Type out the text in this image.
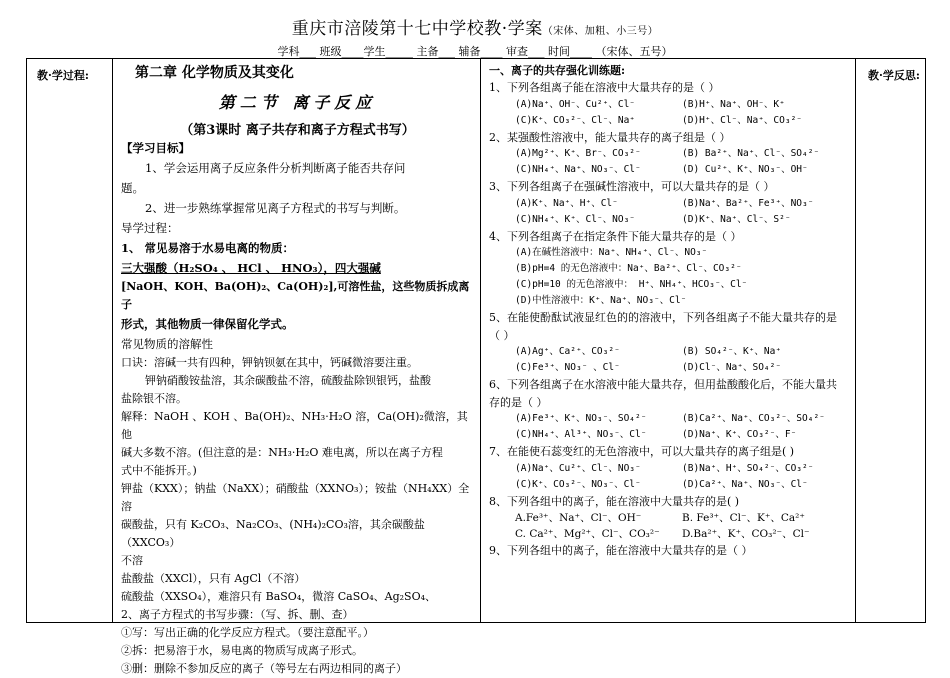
重庆市涪陵第十七中学校教·学案（宋体、加粗、小三号）
学科___ 班级____学生_____ 主备___ 辅备____ 审查___ 时间____ （宋体、五号）
教·学过程:	第二章 化学物质及其变化
第二节 离子反应
（第3课时 离子共存和离子方程式书写）
【学习目标】
1、学会运用离子反应条件分析判断离子能否共存问
题。
2、进一步熟练掌握常见离子方程式的书写与判断。
导学过程：
1、 常见易溶于水易电离的物质：
三大强酸（H₂SO₄ 、 HCl 、 HNO₃），四大强碱
[NaOH、KOH、Ba(OH)₂、Ca(OH)₂],可溶性盐，这些物质拆成离子
形式，其他物质一律保留化学式。
常见物质的溶解性
口诀：溶碱一共有四种，钾钠钡氨在其中，钙碱微溶要注重。
钾钠硝酸铵盐溶，其余碳酸盐不溶，硫酸盐除钡银钙，盐酸
盐除银不溶。
解释：NaOH 、KOH 、Ba(OH)₂、NH₃·H₂O 溶，Ca(OH)₂微溶，其他
碱大多数不溶。(但注意的是：NH₃·H₂O 难电离，所以在离子方程
式中不能拆开。)
钾盐（KXX）；钠盐（NaXX）；硝酸盐（XXNO₃）；铵盐（NH₄XX）全
溶
碳酸盐，只有 K₂CO₃、Na₂CO₃、(NH₄)₂CO₃溶，其余碳酸盐（XXCO₃）
不溶
盐酸盐（XXCl），只有 AgCl（不溶）
硫酸盐（XXSO₄），难溶只有 BaSO₄，微溶 CaSO₄、Ag₂SO₄、
2、离子方程式的书写步骤：（写、拆、删、查）
①写：写出正确的化学反应方程式。（要注意配平。）
②拆：把易溶于水，易电离的物质写成离子形式。
③删：删除不参加反应的离子（等号左右两边相同的离子）
一、离子的共存强化训练题:
1、下列各组离子能在溶液中大量共存的是（ ）
(A)Na⁺、OH⁻、Cu²⁺、Cl⁻	(B)H⁺、Na⁺、OH⁻、K⁺
(C)K⁺、CO₃²⁻、Cl⁻、Na⁺	(D)H⁺、Cl⁻、Na⁺、CO₃²⁻
2、某强酸性溶液中，能大量共存的离子组是（ ）
(A)Mg²⁺、K⁺、Br⁻、CO₃²⁻	(B) Ba²⁺、Na⁺、Cl⁻、SO₄²⁻
(C)NH₄⁺、Na⁺、NO₃⁻、Cl⁻	(D) Cu²⁺、K⁺、NO₃⁻、OH⁻
3、下列各组离子在强碱性溶液中，可以大量共存的是（ ）
(A)K⁺、Na⁺、H⁺、Cl⁻	(B)Na⁺、Ba²⁺、Fe³⁺、NO₃⁻
(C)NH₄⁺、K⁺、Cl⁻、NO₃⁻	(D)K⁺、Na⁺、Cl⁻、S²⁻
4、下列各组离子在指定条件下能大量共存的是（ ）
(A)在碱性溶液中：Na⁺、NH₄⁺、Cl⁻、NO₃⁻
(B)pH=4 的无色溶液中：Na⁺、Ba²⁺、Cl⁻、CO₃²⁻
(C)pH=10 的无色溶液中： H⁺、NH₄⁺、HCO₃⁻、Cl⁻
(D)中性溶液中：K⁺、Na⁺、NO₃⁻、Cl⁻
5、在能使酚酞试液显红色的的溶液中，下列各组离子不能大量共存的是
（ ）
(A)Ag⁺、Ca²⁺、CO₃²⁻	(B) SO₄²⁻、K⁺、Na⁺
(C)Fe³⁺、NO₃⁻ 、Cl⁻	(D)Cl⁻、Na⁺、SO₄²⁻
6、下列各组离子在水溶液中能大量共存，但用盐酸酸化后，不能大量共
存的是（ ）
(A)Fe³⁺、K⁺、NO₃⁻、SO₄²⁻	(B)Ca²⁺、Na⁺、CO₃²⁻、SO₄²⁻
(C)NH₄⁺、Al³⁺、NO₃⁻、Cl⁻	(D)Na⁺、K⁺、CO₃²⁻、F⁻
7、在能使石蕊变红的无色溶液中，可以大量共存的离子组是( )
(A)Na⁺、Cu²⁺、Cl⁻、NO₃⁻	(B)Na⁺、H⁺、SO₄²⁻、CO₃²⁻
(C)K⁺、CO₃²⁻、NO₃⁻、Cl⁻	(D)Ca²⁺、Na⁺、NO₃⁻、Cl⁻
8、下列各组中的离子，能在溶液中大量共存的是( )
A.Fe³⁺、Na⁺、Cl⁻、OH⁻	B. Fe³⁺、Cl⁻、K⁺、Ca²⁺
C. Ca²⁺、Mg²⁺、Cl⁻、CO₃²⁻	D.Ba²⁺、K⁺、CO₃²⁻、Cl⁻
9、下列各组中的离子，能在溶液中大量共存的是（ ）
教·学反思:
